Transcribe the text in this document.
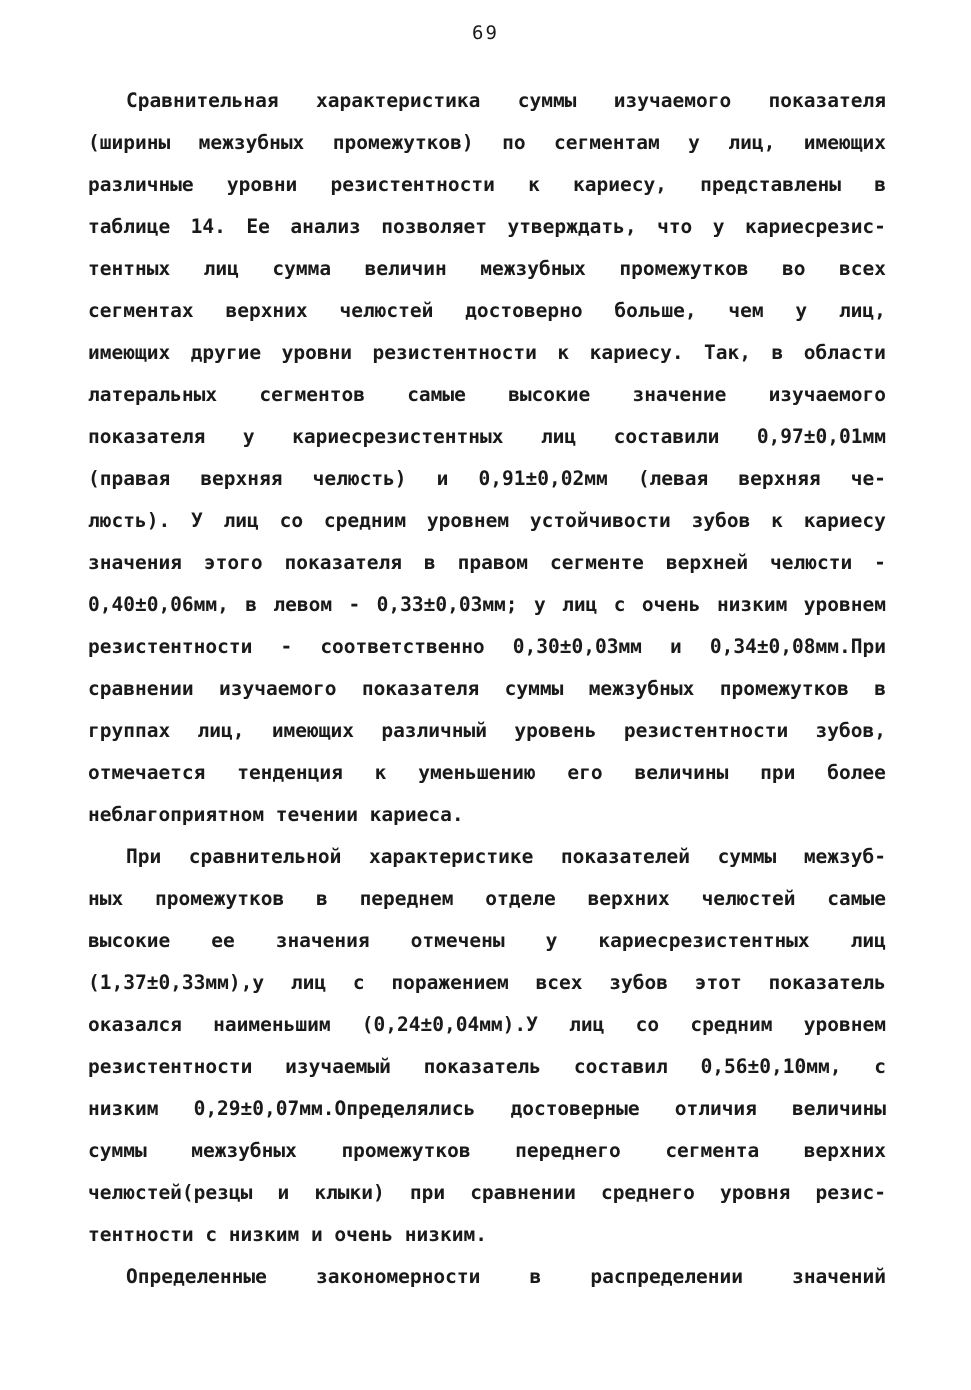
69
Сравнительная характеристика суммы изучаемого показателя
(ширины межзубных промежутков) по сегментам у лиц, имеющих
различные уровни резистентности к кариесу, представлены в
таблице 14. Ее анализ позволяет утверждать, что у кариесрезис-
тентных лиц сумма величин межзубных промежутков во всех
сегментах верхних челюстей достоверно больше, чем у лиц,
имеющих другие уровни резистентности к кариесу. Так, в области
латеральных сегментов самые высокие значение изучаемого
показателя у кариесрезистентных лиц составили 0,97±0,01мм
(правая верхняя челюсть) и 0,91±0,02мм (левая верхняя че-
люсть). У лиц со средним уровнем устойчивости зубов к кариесу
значения этого показателя в правом сегменте верхней челюсти -
0,40±0,06мм, в левом - 0,33±0,03мм; у лиц с очень низким уровнем
резистентности - соответственно 0,30±0,03мм и 0,34±0,08мм.При
сравнении изучаемого показателя суммы межзубных промежутков в
группах лиц, имеющих различный уровень резистентности зубов,
отмечается тенденция к уменьшению его величины при более
неблагоприятном течении кариеса.
При сравнительной характеристике показателей суммы межзуб-
ных промежутков в переднем отделе верхних челюстей самые
высокие ее значения отмечены у кариесрезистентных лиц
(1,37±0,33мм),у лиц с поражением всех зубов этот показатель
оказался наименьшим (0,24±0,04мм).У лиц со средним уровнем
резистентности изучаемый показатель составил 0,56±0,10мм, с
низким 0,29±0,07мм.Определялись достоверные отличия величины
суммы межзубных промежутков переднего сегмента верхних
челюстей(резцы и клыки) при сравнении среднего уровня резис-
тентности с низким и очень низким.
Определенные	закономерности	в	распределении	значений
